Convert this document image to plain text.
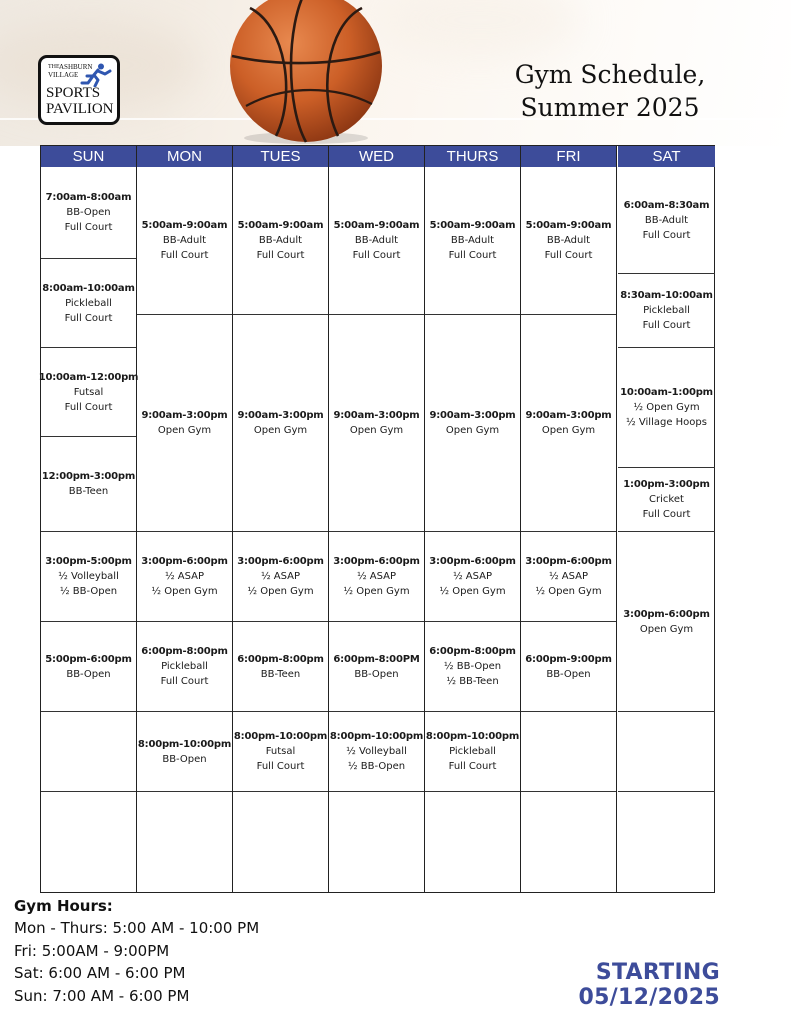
THE ASHBURN
VILLAGE
SPORTS
PAVILION
Gym Schedule,
Summer 2025
SUN
7:00am-8:00am
BB-Open
Full Court
8:00am-10:00am
Pickleball
Full Court
10:00am-12:00pm
Futsal
Full Court
12:00pm-3:00pm
BB-Teen
3:00pm-5:00pm
½ Volleyball
½ BB-Open
5:00pm-6:00pm
BB-Open
MON
5:00am-9:00am
BB-Adult
Full Court
9:00am-3:00pm
Open Gym
3:00pm-6:00pm
½ ASAP
½ Open Gym
6:00pm-8:00pm
Pickleball
Full Court
8:00pm-10:00pm
BB-Open
TUES
5:00am-9:00am
BB-Adult
Full Court
9:00am-3:00pm
Open Gym
3:00pm-6:00pm
½ ASAP
½ Open Gym
6:00pm-8:00pm
BB-Teen
8:00pm-10:00pm
Futsal
Full Court
WED
5:00am-9:00am
BB-Adult
Full Court
9:00am-3:00pm
Open Gym
3:00pm-6:00pm
½ ASAP
½ Open Gym
6:00pm-8:00PM
BB-Open
8:00pm-10:00pm
½ Volleyball
½ BB-Open
THURS
5:00am-9:00am
BB-Adult
Full Court
9:00am-3:00pm
Open Gym
3:00pm-6:00pm
½ ASAP
½ Open Gym
6:00pm-8:00pm
½ BB-Open
½ BB-Teen
8:00pm-10:00pm
Pickleball
Full Court
FRI
5:00am-9:00am
BB-Adult
Full Court
9:00am-3:00pm
Open Gym
3:00pm-6:00pm
½ ASAP
½ Open Gym
6:00pm-9:00pm
BB-Open
SAT
6:00am-8:30am
BB-Adult
Full Court
8:30am-10:00am
Pickleball
Full Court
10:00am-1:00pm
½ Open Gym
½ Village Hoops
1:00pm-3:00pm
Cricket
Full Court
3:00pm-6:00pm
Open Gym
Gym Hours:
Mon - Thurs: 5:00 AM - 10:00 PM
Fri: 5:00AM - 9:00PM
Sat: 6:00 AM - 6:00 PM
Sun: 7:00 AM - 6:00 PM
STARTING 05/12/2025
